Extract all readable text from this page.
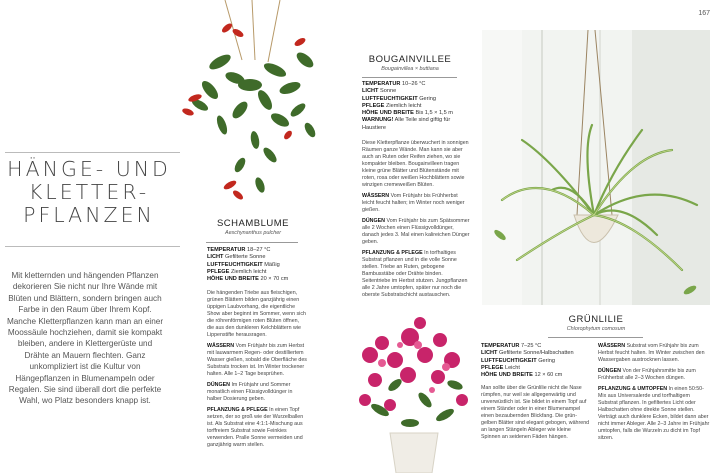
167
HÄNGE- UND
KLETTER-
PFLANZEN
Mit kletternden und hängenden Pflanzen dekorieren Sie nicht nur Ihre Wände mit Blüten und Blättern, sondern bringen auch Farbe in den Raum über Ihrem Kopf. Manche Kletterpflanzen kann man an einer Moossäule hochziehen, damit sie kompakt bleiben, andere in Klettergerüste und Drähte an Mauern flechten. Ganz unkompliziert ist die Kultur von Hängepflanzen in Blumenampeln oder Regalen. Sie sind überall dort die perfekte Wahl, wo Platz besonders knapp ist.
SCHAMBLUME
Aeschynanthus pulcher
TEMPERATUR 18–27 °C
LICHT Gefilterte Sonne
LUFTFEUCHTIGKEIT Mäßig
PFLEGE Ziemlich leicht
HÖHE UND BREITE 20 × 70 cm

Die hängenden Triebe aus fleischigen, grünen Blättern bilden ganzjährig einen üppigen Laubvorhang, die eigentliche Show aber beginnt im Sommer, wenn sich die röhrenförmigen roten Blüten öffnen, die aus den dunkleren Kelchblättern wie Lippenstifte herausragen.

WÄSSERN Vom Frühjahr bis zum Herbst mit lauwarmem Regen- oder destilliertem Wasser gießen, sobald die Oberfläche des Substrats trocken ist. Im Winter trockener halten. Alle 1–2 Tage besprühen.

DÜNGEN Im Frühjahr und Sommer monatlich einen Flüssigvolldünger in halber Dosierung geben.

PFLANZUNG & PFLEGE In einen Topf setzen, der so groß wie der Wurzelballen ist. Als Substrat eine 4:1:1-Mischung aus torffreiem Substrat sowie Feinkies verwenden. Pralle Sonne vermeiden und ganzjährig warm stellen.

BOUGAINVILLEE
Bougainvillea × buttiana
TEMPERATUR 10–26 °C
LICHT Sonne
LUFTFEUCHTIGKEIT Gering
PFLEGE Ziemlich leicht
HÖHE UND BREITE Bis 1,5 × 1,5 m
WARNUNG! Alle Teile sind giftig für Haustiere

Diese Kletterpflanze überwuchert in sonnigen Räumen ganze Wände. Man kann sie aber auch an Ruten oder Reifen ziehen, wo sie kompakter bleiben. Bougainvilleen tragen kleine grüne Blätter und Blütenstände mit roten, rosa oder weißen Hochblättern sowie winzigen cremeweißen Blüten.

WÄSSERN Vom Frühjahr bis Frühherbst leicht feucht halten; im Winter noch weniger gießen.

DÜNGEN Vom Frühjahr bis zum Spätsommer alle 2 Wochen einen Flüssigvolldünger, danach jedes 3. Mal einen kalireichen Dünger geben.

PFLANZUNG & PFLEGE In torfhaltiges Substrat pflanzen und in die volle Sonne stellen. Triebe an Ruten, gebogene Bambusstäbe oder Drähte binden. Seitentriebe im Herbst stutzen. Jungpflanzen alle 2 Jahre umtopfen, später nur noch die oberste Substratschicht austauschen.

GRÜNLILIE
Chlorophytum comosum
TEMPERATUR 7–25 °C
LICHT Gefilterte Sonne/Halbschatten
LUFTFEUCHTIGKEIT Gering
PFLEGE Leicht
HÖHE UND BREITE 12 × 60 cm

Man sollte über die Grünlilie nicht die Nase rümpfen, nur weil sie allgegenwärtig und unverwüstlich ist. Sie bildet in einem Topf auf einem Ständer oder in einer Blumenampel einen bezaubernden Blickfang. Die grün-gelben Blätter sind elegant gebogen, während an langen Stängeln Ableger wie kleine Spinnen an seidenen Fäden hängen.

WÄSSERN Substrat vom Frühjahr bis zum Herbst feucht halten. Im Winter zwischen den Wassergaben austrocknen lassen.

DÜNGEN Von der Frühjahrsmitte bis zum Frühherbst alle 2–3 Wochen düngen.

PFLANZUNG & UMTOPFEN In einen 50:50-Mix aus Universalerde und torfhaltigem Substrat pflanzen. In gefiltertes Licht oder Halbschatten ohne direkte Sonne stellen. Verträgt auch dunklere Ecken, bildet dann aber nicht immer Ableger. Alle 2–3 Jahre im Frühjahr umtopfen, falls die Wurzeln zu dicht im Topf sitzen.
